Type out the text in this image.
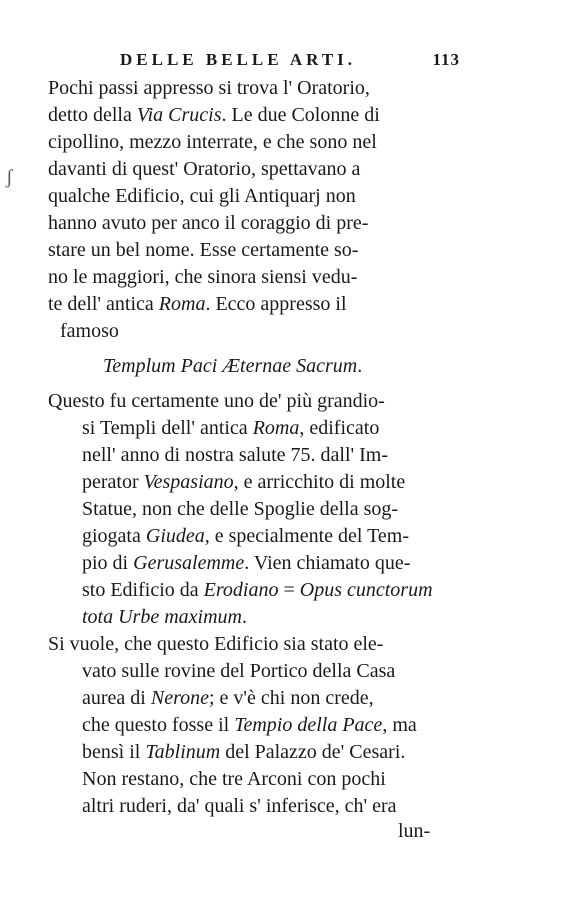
DELLE BELLE ARTI.	113
ʃ
Pochi passi appresso si trova l' Oratorio,
detto della Via Crucis. Le due Colonne di
cipollino, mezzo interrate, e che sono nel
davanti di quest' Oratorio, spettavano a
qualche Edificio, cui gli Antiquarj non
hanno avuto per anco il coraggio di pre-
stare un bel nome. Esse certamente so-
no le maggiori, che sinora siensi vedu-
te dell' antica Roma. Ecco appresso il
famoso
Templum Paci Æternae Sacrum.
Questo fu certamente uno de' più grandio-
si Templi dell' antica Roma, edificato
nell' anno di nostra salute 75. dall' Im-
perator Vespasiano, e arricchito di molte
Statue, non che delle Spoglie della sog-
giogata Giudea, e specialmente del Tem-
pio di Gerusalemme. Vien chiamato que-
sto Edificio da Erodiano = Opus cunctorum
tota Urbe maximum.
Si vuole, che questo Edificio sia stato ele-
vato sulle rovine del Portico della Casa
aurea di Nerone; e v'è chi non crede,
che questo fosse il Tempio della Pace, ma
bensì il Tablinum del Palazzo de' Cesari.
Non restano, che tre Arconi con pochi
altri ruderi, da' quali s' inferisce, ch' era
lun-
